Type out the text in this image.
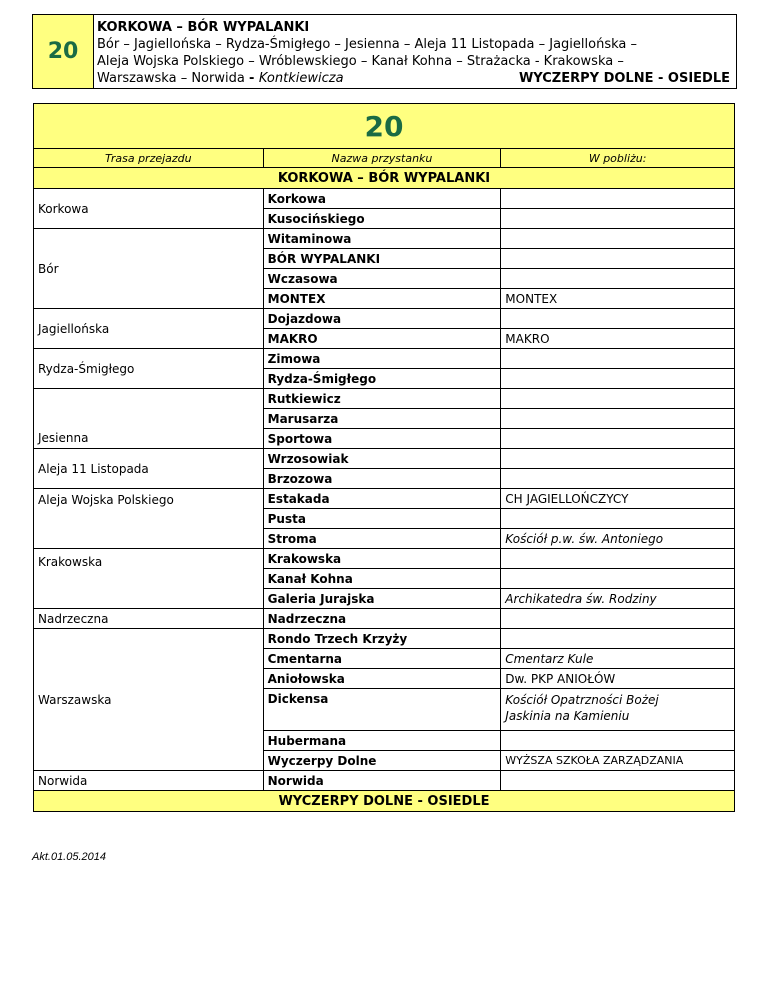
20
KORKOWA – BÓR WYPALANKI
Bór – Jagiellońska – Rydza-Śmigłego – Jesienna – Aleja 11 Listopada – Jagiellońska –
Aleja Wojska Polskiego – Wróblewskiego – Kanał Kohna – Strażacka - Krakowska –
Warszawska – Norwida - Kontkiewicza	WYCZERPY DOLNE - OSIEDLE
20		
Trasa przejazdu	Nazwa przystanku	W pobliżu:
KORKOWA – BÓR WYPALANKI		
Korkowa	Korkowa	
	Kusocińskiego	
Bór	Witaminowa	
	BÓR WYPALANKI	
	Wczasowa	
	MONTEX	MONTEX
Jagiellońska	Dojazdowa	
	MAKRO	MAKRO
Rydza-Śmigłego	Zimowa	
	Rydza-Śmigłego	
Jesienna	Rutkiewicz	
	Marusarza	
	Sportowa	
Aleja 11 Listopada	Wrzosowiak	
	Brzozowa	
Aleja Wojska Polskiego	Estakada	CH JAGIELLOŃCZYCY
	Pusta	
	Stroma	Kościół p.w. św. Antoniego
Krakowska	Krakowska	
	Kanał Kohna	
	Galeria Jurajska	Archikatedra św. Rodziny
Nadrzeczna	Nadrzeczna	
Warszawska	Rondo Trzech Krzyży	
	Cmentarna	Cmentarz Kule
	Aniołowska	Dw. PKP ANIOŁÓW
	Dickensa	Kościół Opatrzności Bożej
Jaskinia na Kamieniu
	Hubermana	
	Wyczerpy Dolne	WYŻSZA SZKOŁA ZARZĄDZANIA
Norwida	Norwida	
WYCZERPY DOLNE - OSIEDLE		
Akt.01.05.2014
